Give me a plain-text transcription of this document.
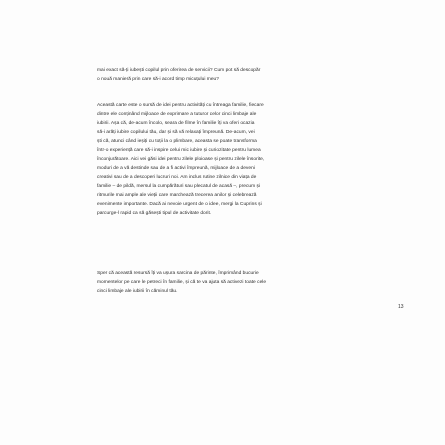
mai exact să-ți iubești copilul prin oferirea de servicii? Cum pot să descopăr
o nouă manieră prin care să-i acord timp micuțului meu?

Această carte este o sursă de idei pentru activități cu întreaga familie, fiecare
dintre ele conținând mijloace de exprimare a tuturor celor cinci limbaje ale
iubirii. Așa că, de-acum încolo, seara de filme în familie îți va oferi ocazia
să-i arăți iubire copilului tău, dar și să vă relaxați împreună. De-acum, vei
ști că, atunci când ieșiți cu toții la o plimbare, aceasta se poate transforma
într-o experiență care să-i inspire celui mic iubire și curiozitate pentru lumea
înconjurătoare. Aici vei găsi idei pentru zilele ploioase și pentru zilele însorite,
moduri de a vă destinde sau de a fi activi împreună, mijloace de a deveni
creativi sau de a descoperi lucruri noi. Am inclus rutine zilnice din viața de
familie – de pildă, mersul la cumpărături sau plecatul de acasă –, precum și
ritmurile mai ample ale vieții care marchează trecerea anilor și celebrează
evenimente importante. Dacă ai nevoie urgent de o idee, mergi la Cuprins și
parcurge-l rapid ca să găsești tipul de activitate dorit.

Sper că această resursă îți va ușura sarcina de părinte, împrimând bucurie
momentelor pe care le petreci în familie, și că te va ajuta să activezi toate cele
cinci limbaje ale iubirii în căminul tău.

13
